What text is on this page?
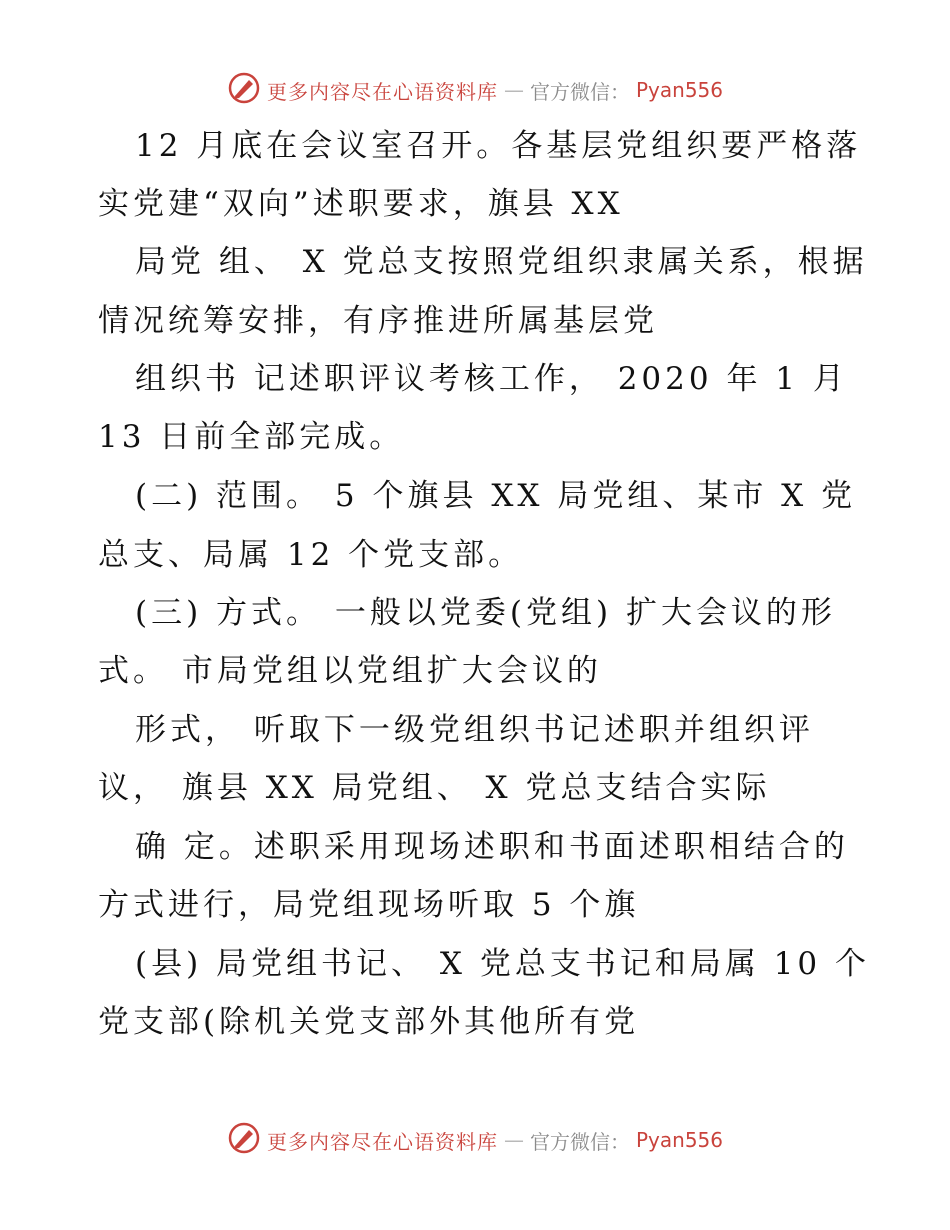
更多内容尽在心语资料库 — 官方微信： Pyan556
12 月底在会议室召开。各基层党组织要严格落
实党建“双向”述职要求，旗县 XX
局党 组、 X 党总支按照党组织隶属关系，根据
情况统筹安排，有序推进所属基层党
组织书 记述职评议考核工作， 2020 年 1 月
13 日前全部完成。
(二) 范围。 5 个旗县 XX 局党组、某市 X 党
总支、局属 12 个党支部。
(三) 方式。 一般以党委(党组) 扩大会议的形
式。 市局党组以党组扩大会议的
形式， 听取下一级党组织书记述职并组织评
议， 旗县 XX 局党组、 X 党总支结合实际
确 定。述职采用现场述职和书面述职相结合的
方式进行，局党组现场听取 5 个旗
(县) 局党组书记、 X 党总支书记和局属 10 个
党支部(除机关党支部外其他所有党
更多内容尽在心语资料库 — 官方微信： Pyan556
